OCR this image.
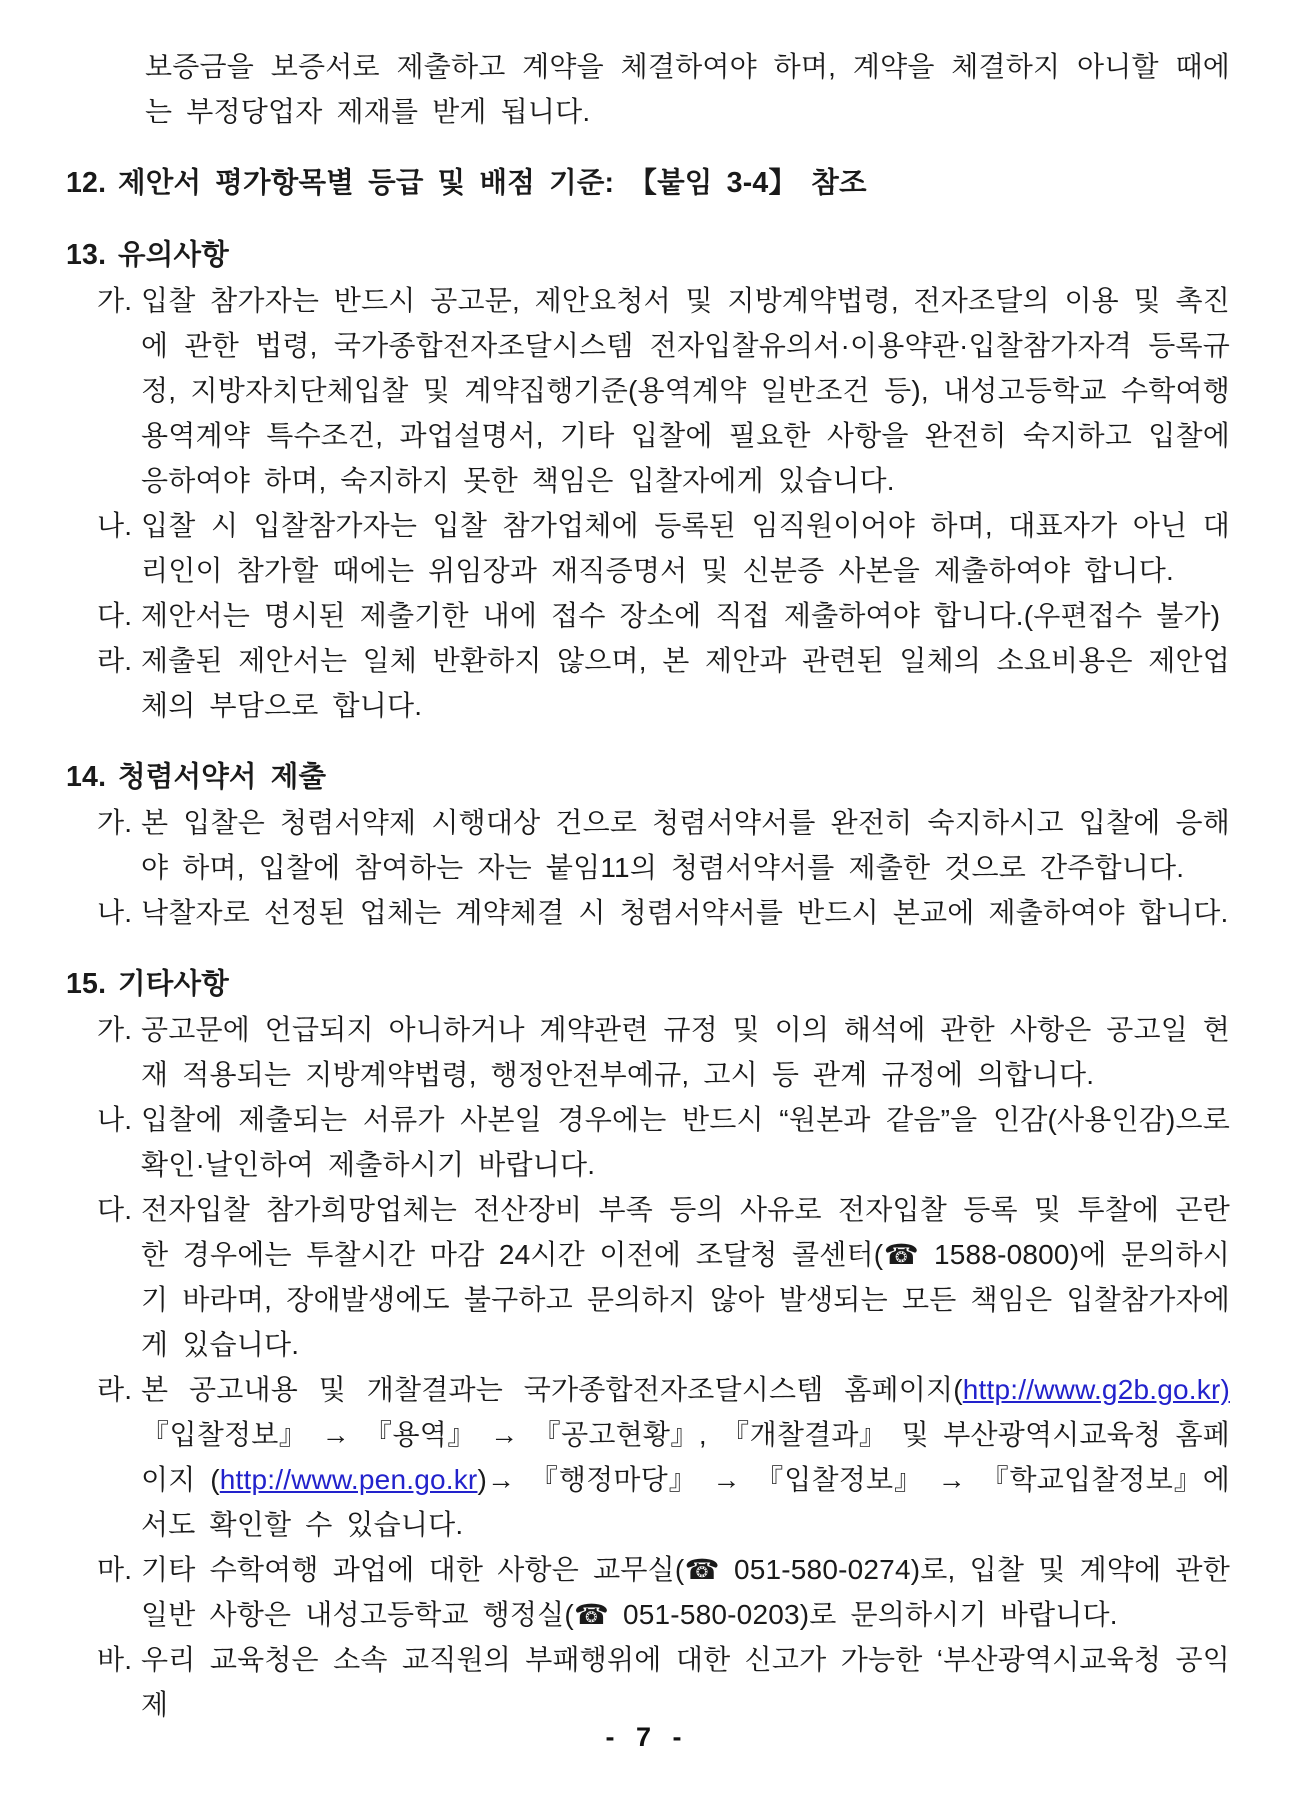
보증금을 보증서로 제출하고 계약을 체결하여야 하며, 계약을 체결하지 아니할 때에는 부정당업자 제재를 받게 됩니다.

12. 제안서 평가항목별 등급 및 배점 기준: 【붙임 3-4】 참조
13. 유의사항
가. 입찰 참가자는 반드시 공고문, 제안요청서 및 지방계약법령, 전자조달의 이용 및 촉진에 관한 법령, 국가종합전자조달시스템 전자입찰유의서·이용약관·입찰참가자격 등록규정, 지방자치단체입찰 및 계약집행기준(용역계약 일반조건 등), 내성고등학교 수학여행 용역계약 특수조건, 과업설명서, 기타 입찰에 필요한 사항을 완전히 숙지하고 입찰에 응하여야 하며, 숙지하지 못한 책임은 입찰자에게 있습니다.
나. 입찰 시 입찰참가자는 입찰 참가업체에 등록된 임직원이어야 하며, 대표자가 아닌 대리인이 참가할 때에는 위임장과 재직증명서 및 신분증 사본을 제출하여야 합니다.
다. 제안서는 명시된 제출기한 내에 접수 장소에 직접 제출하여야 합니다.(우편접수 불가)
라. 제출된 제안서는 일체 반환하지 않으며, 본 제안과 관련된 일체의 소요비용은 제안업체의 부담으로 합니다.
14. 청렴서약서 제출
가. 본 입찰은 청렴서약제 시행대상 건으로 청렴서약서를 완전히 숙지하시고 입찰에 응해야 하며, 입찰에 참여하는 자는 붙임11의 청렴서약서를 제출한 것으로 간주합니다.
나. 낙찰자로 선정된 업체는 계약체결 시 청렴서약서를 반드시 본교에 제출하여야 합니다.
15. 기타사항
가. 공고문에 언급되지 아니하거나 계약관련 규정 및 이의 해석에 관한 사항은 공고일 현재 적용되는 지방계약법령, 행정안전부예규, 고시 등 관계 규정에 의합니다.
나. 입찰에 제출되는 서류가 사본일 경우에는 반드시 “원본과 같음”을 인감(사용인감)으로 확인·날인하여 제출하시기 바랍니다.
다. 전자입찰 참가희망업체는 전산장비 부족 등의 사유로 전자입찰 등록 및 투찰에 곤란한 경우에는 투찰시간 마감 24시간 이전에 조달청 콜센터(☎ 1588-0800)에 문의하시기 바라며, 장애발생에도 불구하고 문의하지 않아 발생되는 모든 책임은 입찰참가자에게 있습니다.
라. 본 공고내용 및 개찰결과는 국가종합전자조달시스템 홈페이지(http://www.g2b.go.kr) 『입찰정보』 → 『용역』 → 『공고현황』, 『개찰결과』 및 부산광역시교육청 홈페이지 (http://www.pen.go.kr)→ 『행정마당』 → 『입찰정보』 → 『학교입찰정보』에서도 확인할 수 있습니다.
마. 기타 수학여행 과업에 대한 사항은 교무실(☎ 051-580-0274)로, 입찰 및 계약에 관한 일반 사항은 내성고등학교 행정실(☎ 051-580-0203)로 문의하시기 바랍니다.
바. 우리 교육청은 소속 교직원의 부패행위에 대한 신고가 가능한 ‘부산광역시교육청 공익제
- 7 -
